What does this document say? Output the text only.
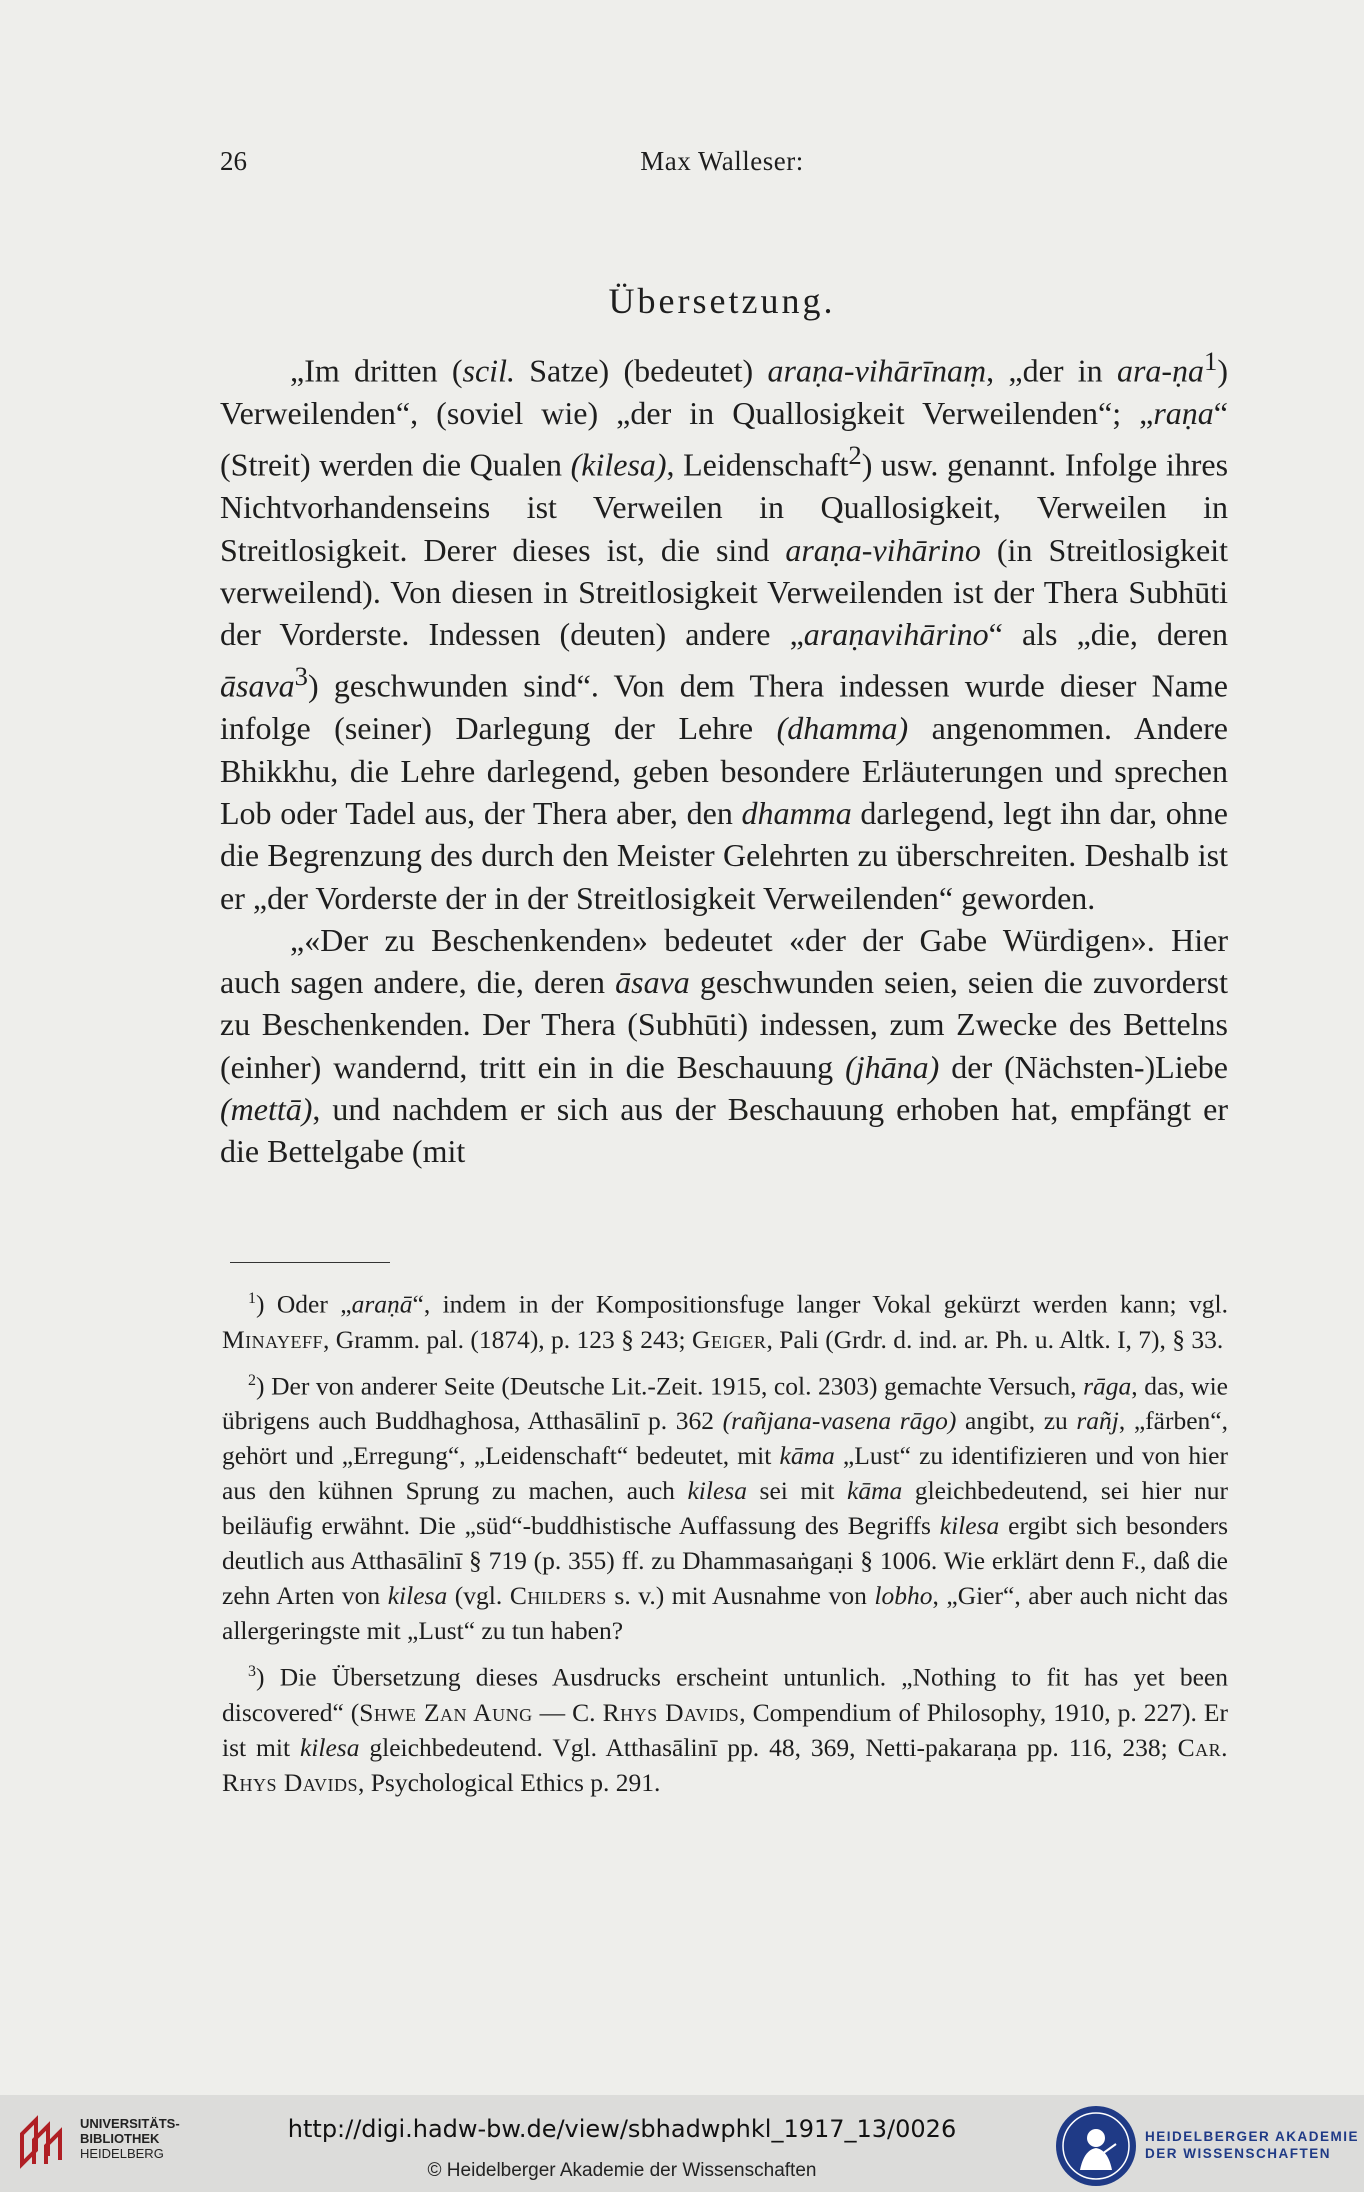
26	Max Walleser:
Übersetzung.

„Im dritten (scil. Satze) (bedeutet) araṇa-vihārīnaṃ, „der in ara-ṇa$^1$) Verweilenden“, (soviel wie) „der in Quallosigkeit Verweilenden“; „raṇa“ (Streit) werden die Qualen (kilesa), Leidenschaft$^2$) usw. genannt. Infolge ihres Nichtvorhandenseins ist Verweilen in Quallosigkeit, Verweilen in Streitlosigkeit. Derer dieses ist, die sind araṇa-vihārino (in Streitlosigkeit verweilend). Von diesen in Streitlosigkeit Verweilenden ist der Thera Subhūti der Vorderste. Indessen (deuten) andere „araṇavihārino“ als „die, deren āsava$^3$) geschwunden sind“. Von dem Thera indessen wurde dieser Name infolge (seiner) Darlegung der Lehre (dhamma) angenommen. Andere Bhikkhu, die Lehre darlegend, geben besondere Erläuterungen und sprechen Lob oder Tadel aus, der Thera aber, den dhamma darlegend, legt ihn dar, ohne die Begrenzung des durch den Meister Gelehrten zu überschreiten. Deshalb ist er „der Vorderste der in der Streitlosigkeit Verweilenden“ geworden.

„«Der zu Beschenkenden» bedeutet «der der Gabe Würdigen». Hier auch sagen andere, die, deren āsava geschwunden seien, seien die zuvorderst zu Beschenkenden. Der Thera (Subhūti) indessen, zum Zwecke des Bettelns (einher) wandernd, tritt ein in die Beschauung (jhāna) der (Nächsten-)Liebe (mettā), und nachdem er sich aus der Beschauung erhoben hat, empfängt er die Bettelgabe (mit

$^1$) Oder „araṇā“, indem in der Kompositionsfuge langer Vokal gekürzt werden kann; vgl. Minayeff, Gramm. pal. (1874), p. 123 § 243; Geiger, Pali (Grdr. d. ind. ar. Ph. u. Altk. I, 7), § 33.

$^2$) Der von anderer Seite (Deutsche Lit.-Zeit. 1915, col. 2303) gemachte Versuch, rāga, das, wie übrigens auch Buddhaghosa, Atthasālinī p. 362 (rañjana-vasena rāgo) angibt, zu rañj, „färben“, gehört und „Erregung“, „Leidenschaft“ bedeutet, mit kāma „Lust“ zu identifizieren und von hier aus den kühnen Sprung zu machen, auch kilesa sei mit kāma gleichbedeutend, sei hier nur beiläufig erwähnt. Die „süd“-buddhistische Auffassung des Begriffs kilesa ergibt sich besonders deutlich aus Atthasālinī § 719 (p. 355) ff. zu Dhammasaṅgaṇi § 1006. Wie erklärt denn F., daß die zehn Arten von kilesa (vgl. Childers s. v.) mit Ausnahme von lobho, „Gier“, aber auch nicht das allergeringste mit „Lust“ zu tun haben?

$^3$) Die Übersetzung dieses Ausdrucks erscheint untunlich. „Nothing to fit has yet been discovered“ (Shwe Zan Aung — C. Rhys Davids, Compendium of Philosophy, 1910, p. 227). Er ist mit kilesa gleichbedeutend. Vgl. Atthasālinī pp. 48, 369, Netti-pakaraṇa pp. 116, 238; Car. Rhys Davids, Psychological Ethics p. 291.

UNIVERSITÄTS-
BIBLIOTHEK
HEIDELBERG
http://digi.hadw-bw.de/view/sbhadwphkl_1917_13/0026
© Heidelberger Akademie der Wissenschaften
HEIDELBERGER AKADEMIE
DER WISSENSCHAFTEN
